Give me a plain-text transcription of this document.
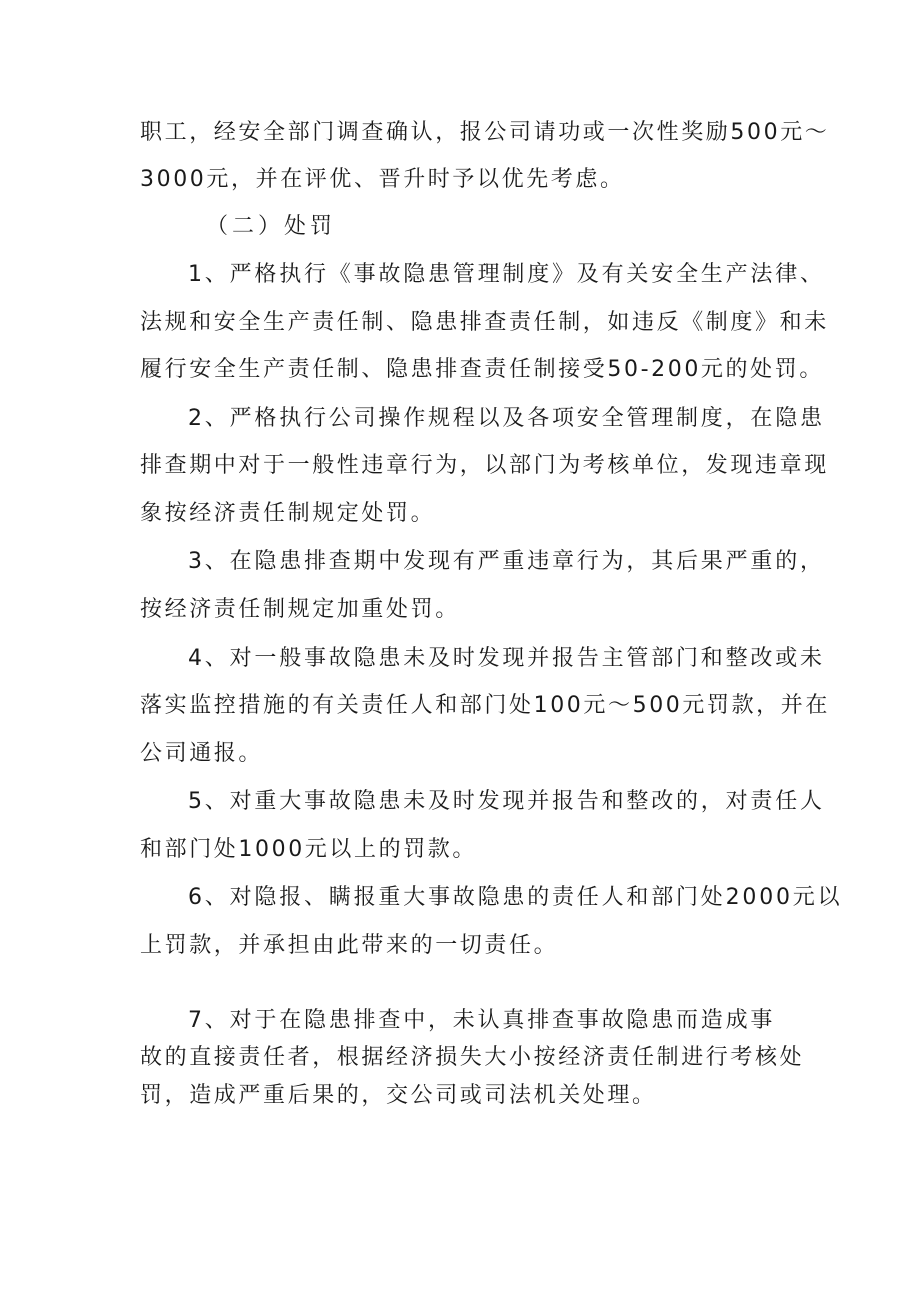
职工，经安全部门调查确认，报公司请功或一次性奖励500元～

3000元，并在评优、晋升时予以优先考虑。

（二）处罚

1、严格执行《事故隐患管理制度》及有关安全生产法律、

法规和安全生产责任制、隐患排查责任制，如违反《制度》和未

履行安全生产责任制、隐患排查责任制接受50-200元的处罚。

2、严格执行公司操作规程以及各项安全管理制度，在隐患

排查期中对于一般性违章行为，以部门为考核单位，发现违章现

象按经济责任制规定处罚。

3、在隐患排查期中发现有严重违章行为，其后果严重的，

按经济责任制规定加重处罚。

4、对一般事故隐患未及时发现并报告主管部门和整改或未

落实监控措施的有关责任人和部门处100元～500元罚款，并在

公司通报。

5、对重大事故隐患未及时发现并报告和整改的，对责任人

和部门处1000元以上的罚款。

6、对隐报、瞒报重大事故隐患的责任人和部门处2000元以

上罚款，并承担由此带来的一切责任。

7、对于在隐患排查中，未认真排查事故隐患而造成事

故的直接责任者，根据经济损失大小按经济责任制进行考核处

罚，造成严重后果的，交公司或司法机关处理。
